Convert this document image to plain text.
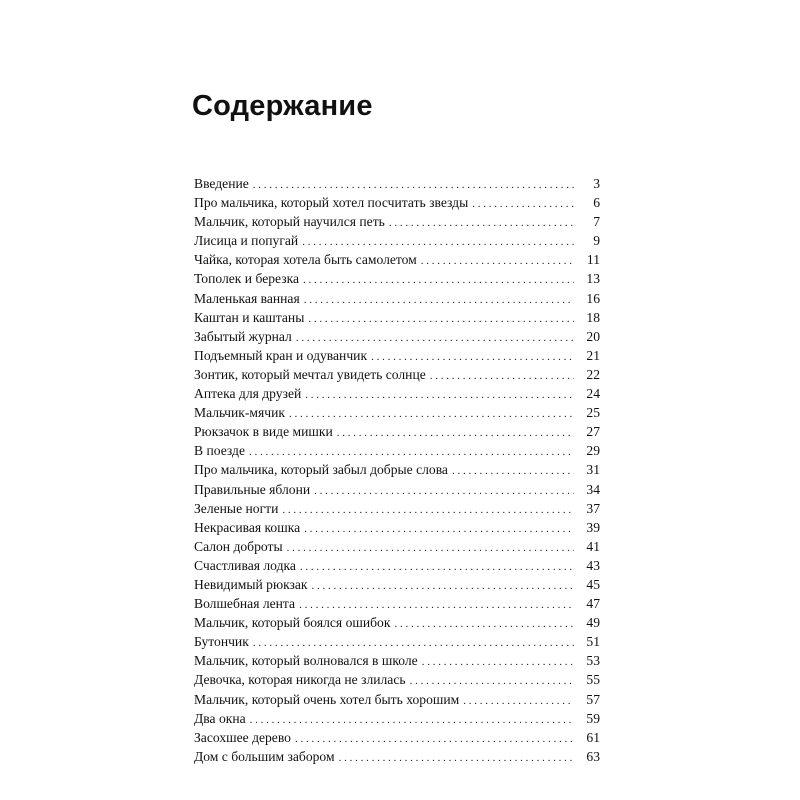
Содержание
Введение . . .	3
Про мальчика, который хотел посчитать звезды . . .	6
Мальчик, который научился петь . . .	7
Лисица и попугай . . .	9
Чайка, которая хотела быть самолетом . . .	11
Тополек и березка . . .	13
Маленькая ванная . . .	16
Каштан и каштаны . . .	18
Забытый журнал . . .	20
Подъемный кран и одуванчик . . .	21
Зонтик, который мечтал увидеть солнце . . .	22
Аптека для друзей . . .	24
Мальчик-мячик . . .	25
Рюкзачок в виде мишки . . .	27
В поезде . . .	29
Про мальчика, который забыл добрые слова . . .	31
Правильные яблони . . .	34
Зеленые ногти . . .	37
Некрасивая кошка . . .	39
Салон доброты . . .	41
Счастливая лодка . . .	43
Невидимый рюкзак . . .	45
Волшебная лента . . .	47
Мальчик, который боялся ошибок . . .	49
Бутончик . . .	51
Мальчик, который волновался в школе . . .	53
Девочка, которая никогда не злилась . . .	55
Мальчик, который очень хотел быть хорошим . . .	57
Два окна . . .	59
Засохшее дерево . . .	61
Дом с большим забором . . .	63
